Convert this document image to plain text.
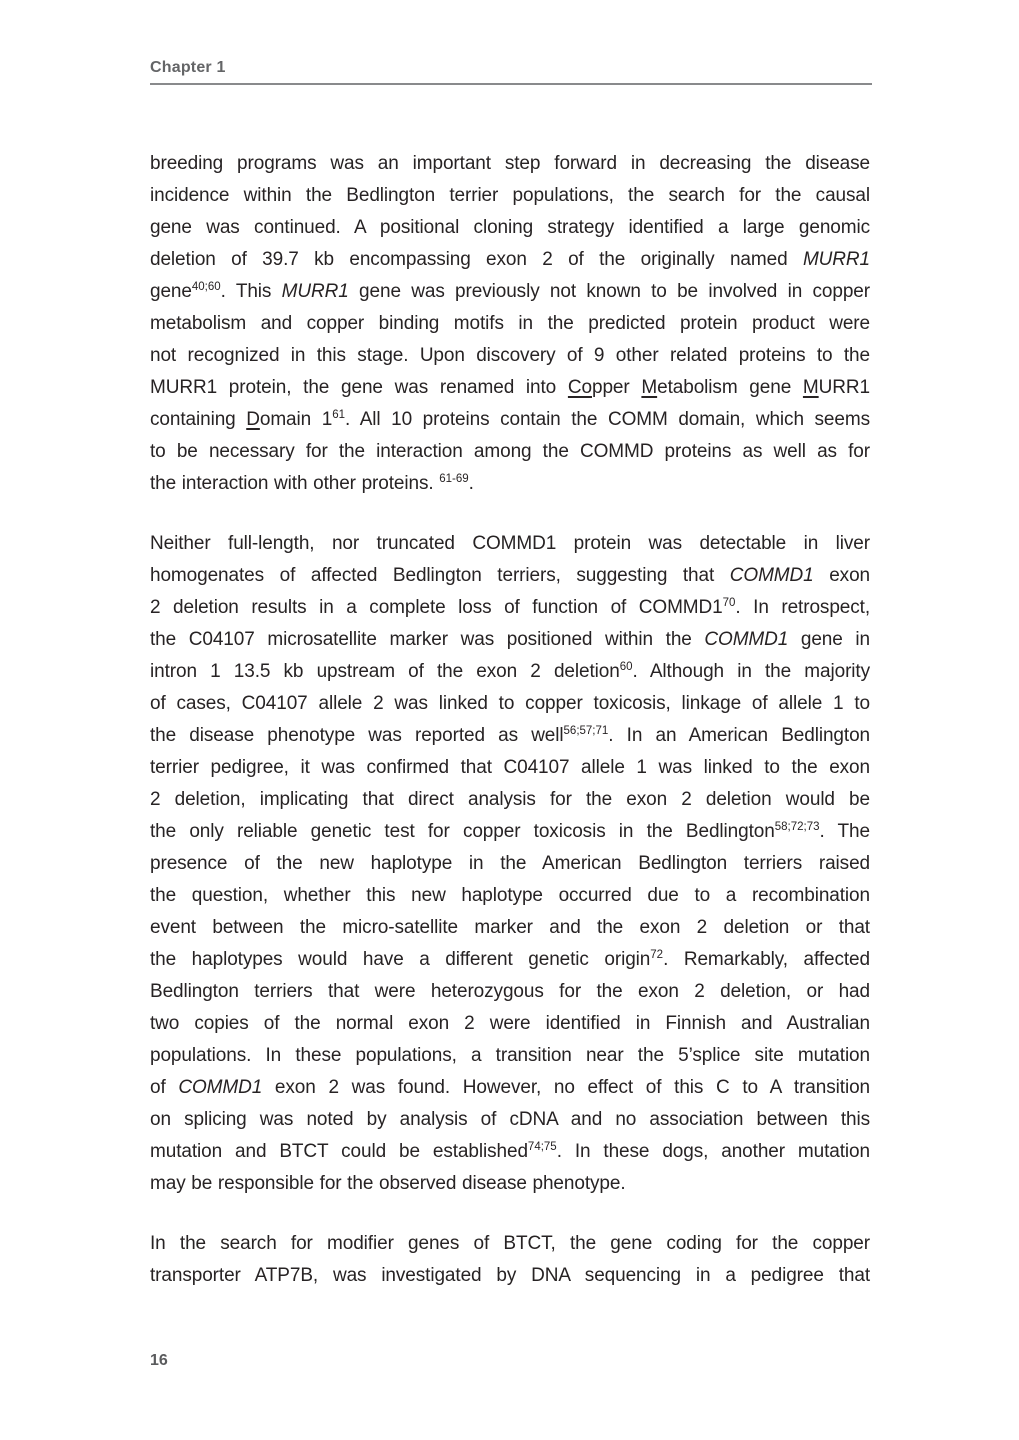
Chapter 1
breeding programs was an important step forward in decreasing the disease
incidence within the Bedlington terrier populations, the search for the causal
gene was continued. A positional cloning strategy identified a large genomic
deletion of 39.7 kb encompassing exon 2 of the originally named MURR1
gene$^{40;60}$. This MURR1 gene was previously not known to be involved in copper
metabolism and copper binding motifs in the predicted protein product were
not recognized in this stage. Upon discovery of 9 other related proteins to the
MURR1 protein, the gene was renamed into Copper Metabolism gene MURR1
containing Domain $1^{61}$. All 10 proteins contain the COMM domain, which seems
to be necessary for the interaction among the COMMD proteins as well as for
the interaction with other proteins. $^{61-69}$.
Neither full-length, nor truncated COMMD1 protein was detectable in liver
homogenates of affected Bedlington terriers, suggesting that COMMD1 exon
2 deletion results in a complete loss of function of $COMMD1^{70}$. In retrospect,
the C04107 microsatellite marker was positioned within the COMMD1 gene in
intron 1 13.5 kb upstream of the exon 2 deletion$^{60}$. Although in the majority
of cases, C04107 allele 2 was linked to copper toxicosis, linkage of allele 1 to
the disease phenotype was reported as well$^{56;57;71}$. In an American Bedlington
terrier pedigree, it was confirmed that C04107 allele 1 was linked to the exon
2 deletion, implicating that direct analysis for the exon 2 deletion would be
the only reliable genetic test for copper toxicosis in the Bedlington$^{58;72;73}$. The
presence of the new haplotype in the American Bedlington terriers raised
the question, whether this new haplotype occurred due to a recombination
event between the micro-satellite marker and the exon 2 deletion or that
the haplotypes would have a different genetic origin$^{72}$. Remarkably, affected
Bedlington terriers that were heterozygous for the exon 2 deletion, or had
two copies of the normal exon 2 were identified in Finnish and Australian
populations. In these populations, a transition near the 5’splice site mutation
of COMMD1 exon 2 was found. However, no effect of this C to A transition
on splicing was noted by analysis of cDNA and no association between this
mutation and BTCT could be established$^{74;75}$. In these dogs, another mutation
may be responsible for the observed disease phenotype.
In the search for modifier genes of BTCT, the gene coding for the copper
transporter ATP7B, was investigated by DNA sequencing in a pedigree that
16
